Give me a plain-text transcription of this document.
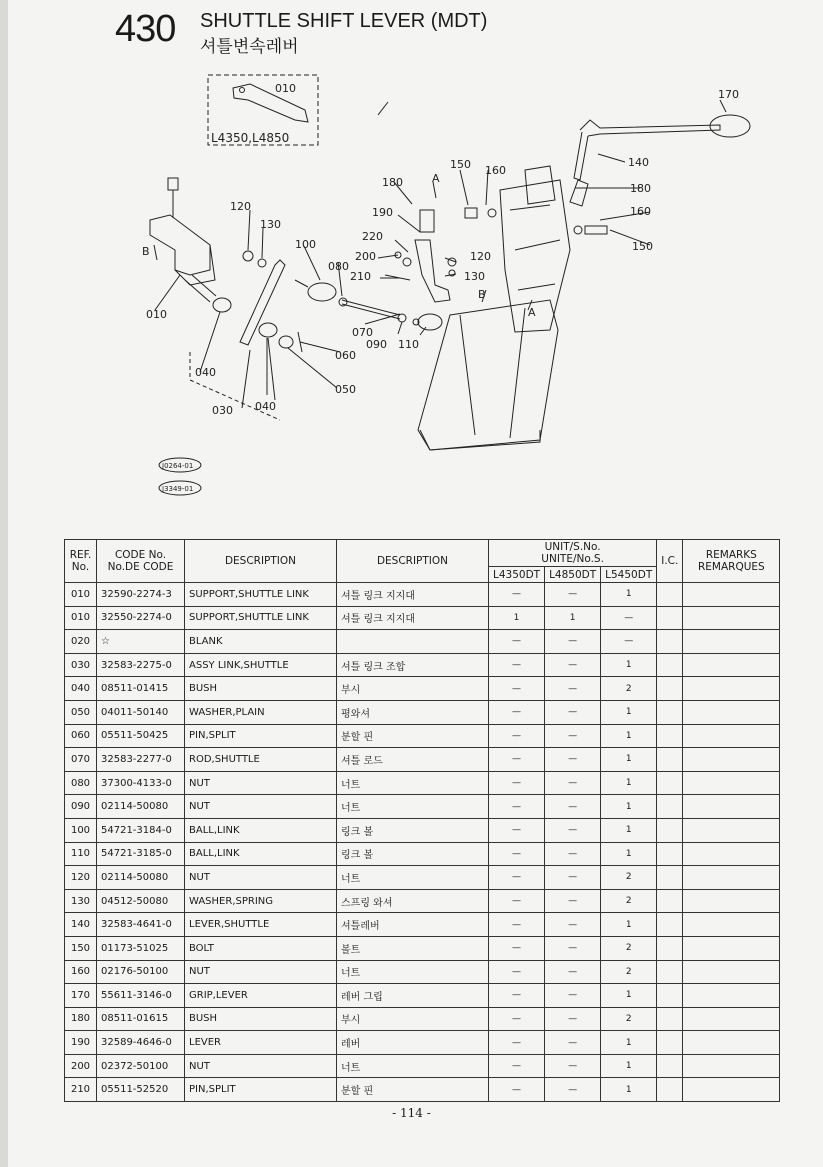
430 SHUTTLE SHIFT LEVER (MDT)
셔틀변속레버
L4350,L4850
J0264-01
J3349-01
010	170
140
180
160
150
180
150 160
190
220
200
210
120
130
120
130
100
080
070
090 110
060
050
040
040
030
010
A
A
B
B
REF.
No.	CODE No.
No.DE CODE	DESCRIPTION	DESCRIPTION	UNIT/S.No.
UNITE/No.S.			I.C.	REMARKS
REMARQUES
				L4350DT	L4850DT	L5450DT		
010	32590-2274-3	SUPPORT,SHUTTLE LINK	셔틀 링크 지지대	—	—	1		
010	32550-2274-0	SUPPORT,SHUTTLE LINK	셔틀 링크 지지대	1	1	—		
020	☆	BLANK		—	—	—		
030	32583-2275-0	ASSY LINK,SHUTTLE	셔틀 링크 조합	—	—	1		
040	08511-01415	BUSH	부시	—	—	2		
050	04011-50140	WASHER,PLAIN	평와셔	—	—	1		
060	05511-50425	PIN,SPLIT	분할 핀	—	—	1		
070	32583-2277-0	ROD,SHUTTLE	셔틀 로드	—	—	1		
080	37300-4133-0	NUT	너트	—	—	1		
090	02114-50080	NUT	너트	—	—	1		
100	54721-3184-0	BALL,LINK	링크 볼	—	—	1		
110	54721-3185-0	BALL,LINK	링크 볼	—	—	1		
120	02114-50080	NUT	너트	—	—	2		
130	04512-50080	WASHER,SPRING	스프링 와셔	—	—	2		
140	32583-4641-0	LEVER,SHUTTLE	셔틀레버	—	—	1		
150	01173-51025	BOLT	볼트	—	—	2		
160	02176-50100	NUT	너트	—	—	2		
170	55611-3146-0	GRIP,LEVER	레버 그립	—	—	1		
180	08511-01615	BUSH	부시	—	—	2		
190	32589-4646-0	LEVER	레버	—	—	1		
200	02372-50100	NUT	너트	—	—	1		
210	05511-52520	PIN,SPLIT	분할 핀	—	—	1		
- 114 -
